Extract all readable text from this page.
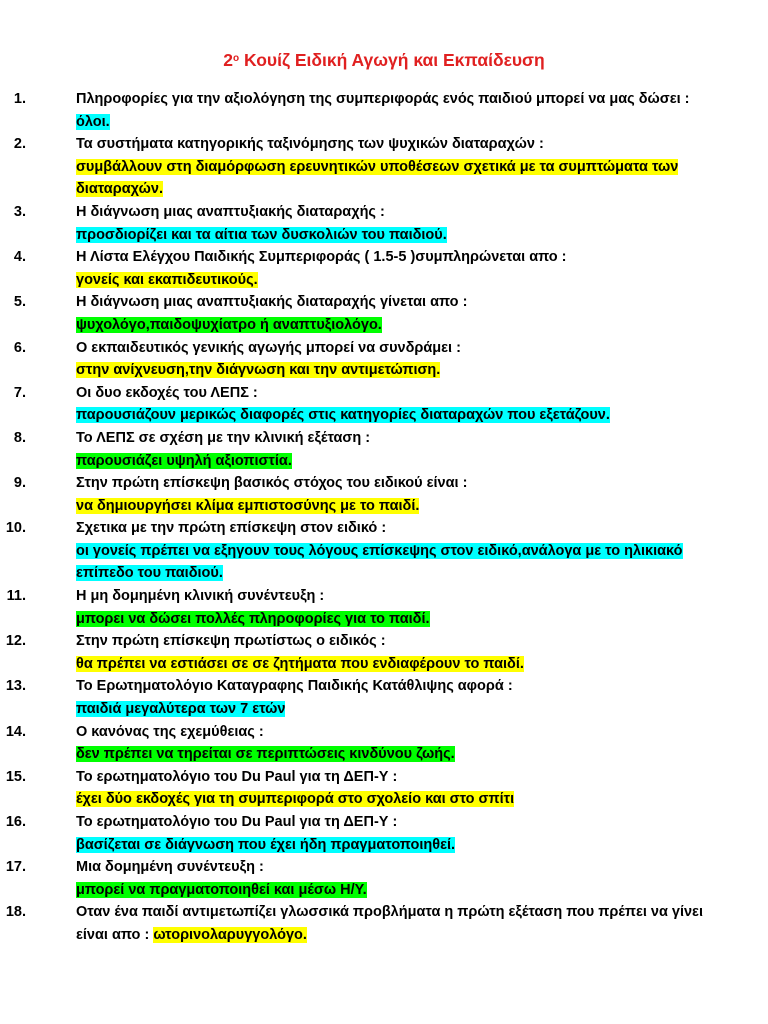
$2^o$ Κουίζ Ειδική Αγωγή και Εκπαίδευση
1.	Πληροφορίες για την αξιολόγηση της συμπεριφοράς ενός παιδιού μπορεί να μας δώσει : όλοι.
2.	Τα συστήματα κατηγορικής ταξινόμησης των ψυχικών διαταραχών :
συμβάλλουν στη διαμόρφωση ερευνητικών υποθέσεων σχετικά με τα συμπτώματα των διαταραχών.
3.	Η διάγνωση μιας αναπτυξιακής διαταραχής :
προσδιορίζει και τα αίτια των δυσκολιών του παιδιού.
4.	Η Λίστα Ελέγχου Παιδικής Συμπεριφοράς ( 1.5-5 )συμπληρώνεται απο :
γονείς και εκαπιδευτικούς.
5.	Η διάγνωση μιας αναπτυξιακής διαταραχής γίνεται απο :
ψυχολόγο,παιδοψυχίατρο ή αναπτυξιολόγο.
6.	Ο εκπαιδευτικός γενικής αγωγής μπορεί να συνδράμει :
στην ανίχνευση,την διάγνωση και την αντιμετώπιση.
7.	Οι δυο εκδοχές του ΛΕΠΣ :
παρουσιάζουν μερικώς διαφορές στις κατηγορίες διαταραχών που εξετάζουν.
8.	Το ΛΕΠΣ σε σχέση με την κλινική εξέταση :
παρουσιάζει υψηλή αξιοπιστία.
9.	Στην πρώτη επίσκεψη βασικός στόχος του ειδικού είναι :
να δημιουργήσει κλίμα εμπιστοσύνης με το παιδί.
10.	Σχετικα με την πρώτη επίσκεψη στον ειδικό :
οι γονείς πρέπει να εξηγουν τους λόγους επίσκεψης στον ειδικό,ανάλογα με το ηλικιακό επίπεδο του παιδιού.
11.	Η μη δομημένη κλινική συνέντευξη :
μπορει να δώσει πολλές πληροφορίες για το παιδί.
12.	Στην πρώτη επίσκεψη πρωτίστως ο ειδικός :
θα πρέπει να εστιάσει σε σε ζητήματα που ενδιαφέρουν το παιδί.
13.	Το Ερωτηματολόγιο Καταγραφης Παιδικής Κατάθλιψης αφορά :
παιδιά μεγαλύτερα των 7 ετών
14.	Ο κανόνας της εχεμύθειας :
δεν πρέπει να τηρείται σε περιπτώσεις κινδύνου ζωής.
15.	Το ερωτηματολόγιο του Du Paul για τη ΔΕΠ-Υ :
έχει δύο εκδοχές για τη συμπεριφορά στο σχολείο και στο σπίτι
16.	Το ερωτηματολόγιο του Du Paul για τη ΔΕΠ-Υ :
βασίζεται σε διάγνωση που έχει ήδη πραγματοποιηθεί.
17.	Μια δομημένη συνέντευξη :
μπορεί να πραγματοποιηθεί και μέσω Η/Υ.
18.	Οταν ένα παιδί αντιμετωπίζει γλωσσικά προβλήματα η πρώτη εξέταση που πρέπει να γίνει είναι απο : ωτορινολαρυγγολόγο.
